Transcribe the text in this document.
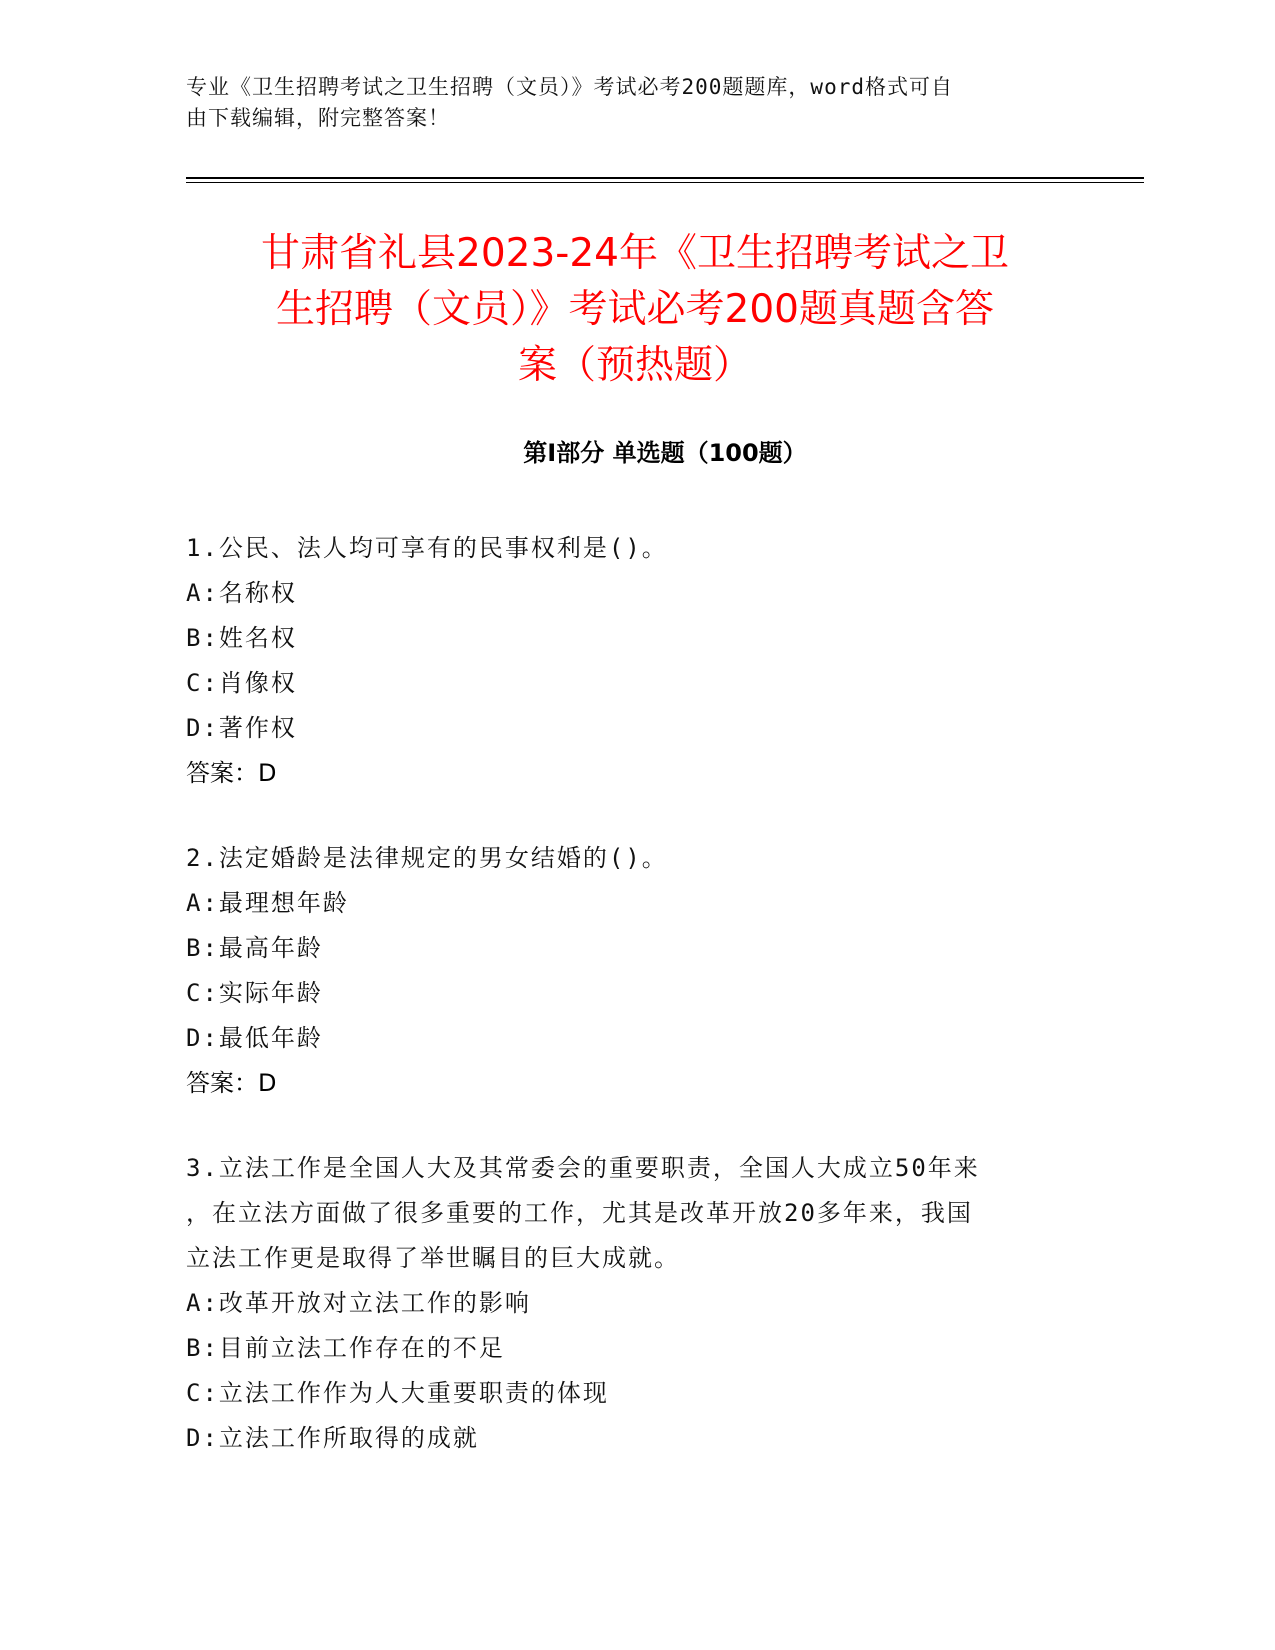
专业《卫生招聘考试之卫生招聘（文员）》考试必考200题题库，word格式可自
由下载编辑，附完整答案！
甘肃省礼县2023-24年《卫生招聘考试之卫
生招聘（文员）》考试必考200题真题含答
案（预热题）
第Ⅰ部分 单选题（100题）

1.公民、法人均可享有的民事权利是()。

A:名称权

B:姓名权

C:肖像权

D:著作权

答案：D

2.法定婚龄是法律规定的男女结婚的()。

A:最理想年龄

B:最高年龄

C:实际年龄

D:最低年龄

答案：D

3.立法工作是全国人大及其常委会的重要职责，全国人大成立50年来

，在立法方面做了很多重要的工作，尤其是改革开放20多年来，我国

立法工作更是取得了举世瞩目的巨大成就。

A:改革开放对立法工作的影响

B:目前立法工作存在的不足

C:立法工作作为人大重要职责的体现

D:立法工作所取得的成就
